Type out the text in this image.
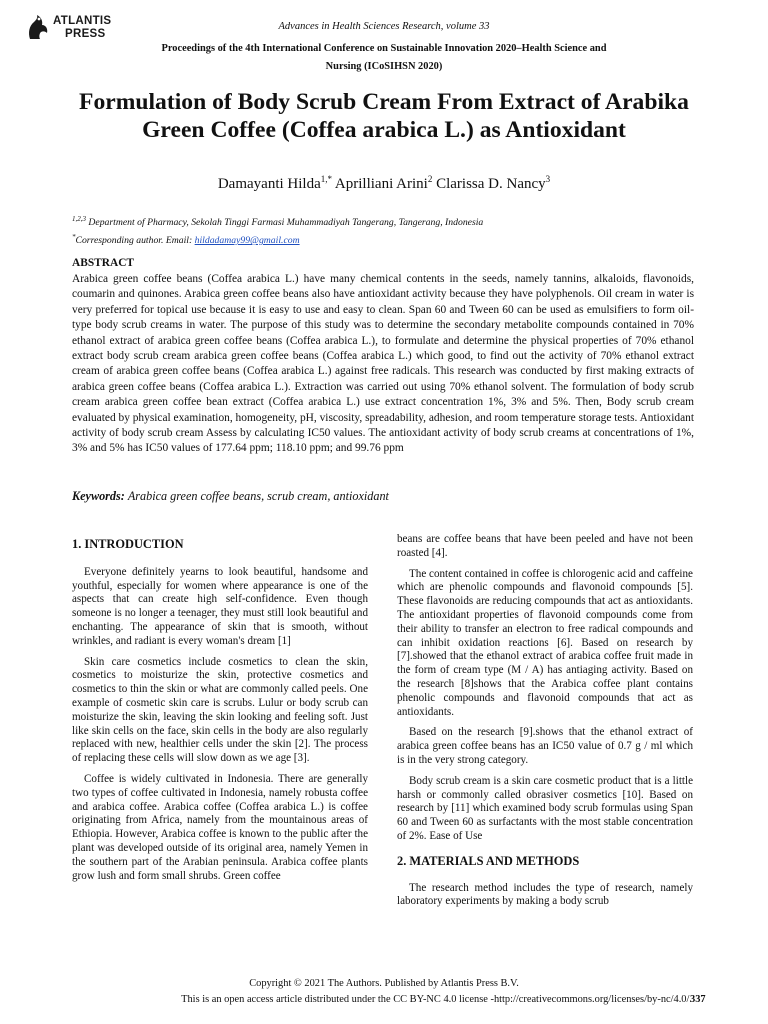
ATLANTIS
PRESS
Advances in Health Sciences Research, volume 33
Proceedings of the 4th International Conference on Sustainable Innovation 2020–Health Science and Nursing (ICoSIHSN 2020)
Formulation of Body Scrub Cream From Extract of Arabika Green Coffee (Coffea arabica L.) as Antioxidant
Damayanti Hilda$^{1,*}$ Aprilliani Arini$^2$ Clarissa D. Nancy$^3$
$^{1,2,3}$ Department of Pharmacy, Sekolah Tinggi Farmasi Muhammadiyah Tangerang, Tangerang, Indonesia
*Corresponding author. Email: hildadamay99@gmail.com
ABSTRACT
Arabica green coffee beans (Coffea arabica L.) have many chemical contents in the seeds, namely tannins, alkaloids, flavonoids, coumarin and quinones. Arabica green coffee beans also have antioxidant activity because they have polyphenols. Oil cream in water is very preferred for topical use because it is easy to use and easy to clean. Span 60 and Tween 60 can be used as emulsifiers to form oil-type body scrub creams in water. The purpose of this study was to determine the secondary metabolite compounds contained in 70% ethanol extract of arabica green coffee beans (Coffea arabica L.), to formulate and determine the physical properties of 70% ethanol extract body scrub cream arabica green coffee beans (Coffea arabica L.) which good, to find out the activity of 70% ethanol extract cream of arabica green coffee beans (Coffea arabica L.) against free radicals. This research was conducted by first making extracts of arabica green coffee beans (Coffea arabica L.). Extraction was carried out using 70% ethanol solvent. The formulation of body scrub cream arabica green coffee bean extract (Coffea arabica L.) use extract concentration 1%, 3% and 5%. Then, Body scrub cream evaluated by physical examination, homogeneity, pH, viscosity, spreadability, adhesion, and room temperature storage tests. Antioxidant activity of body scrub cream Assess by calculating IC50 values. The antioxidant activity of body scrub creams at concentrations of 1%, 3% and 5% has IC50 values of 177.64 ppm; 118.10 ppm; and 99.76 ppm
Keywords: Arabica green coffee beans, scrub cream, antioxidant

1. INTRODUCTION

Everyone definitely yearns to look beautiful, handsome and youthful, especially for women where appearance is one of the aspects that can create high self-confidence. Even though someone is no longer a teenager, they must still look beautiful and enchanting. The appearance of skin that is smooth, without wrinkles, and radiant is every woman's dream [1]

Skin care cosmetics include cosmetics to clean the skin, cosmetics to moisturize the skin, protective cosmetics and cosmetics to thin the skin or what are commonly called peels. One example of cosmetic skin care is scrubs. Lulur or body scrub can moisturize the skin, leaving the skin looking and feeling soft. Just like skin cells on the face, skin cells in the body are also regularly replaced with new, healthier cells under the skin [2]. The process of replacing these cells will slow down as we age [3].

Coffee is widely cultivated in Indonesia. There are generally two types of coffee cultivated in Indonesia, namely robusta coffee and arabica coffee. Arabica coffee (Coffea arabica L.) is coffee originating from Africa, namely from the mountainous areas of Ethiopia. However, Arabica coffee is known to the public after the plant was developed outside of its original area, namely Yemen in the southern part of the Arabian peninsula. Arabica coffee plants grow lush and form small shrubs. Green coffee

beans are coffee beans that have been peeled and have not been roasted [4].

The content contained in coffee is chlorogenic acid and caffeine which are phenolic compounds and flavonoid compounds [5]. These flavonoids are reducing compounds that act as antioxidants. The antioxidant properties of flavonoid compounds come from their ability to transfer an electron to free radical compounds and can inhibit oxidation reactions [6]. Based on research by [7].showed that the ethanol extract of arabica coffee fruit made in the form of cream type (M / A) has antiaging activity. Based on the research [8]shows that the Arabica coffee plant contains phenolic compounds and flavonoid compounds that act as antioxidants.

Based on the research [9].shows that the ethanol extract of arabica green coffee beans has an IC50 value of 0.7 g / ml which is in the very strong category.

Body scrub cream is a skin care cosmetic product that is a little harsh or commonly called obrasiver cosmetics [10]. Based on research by [11] which examined body scrub formulas using Span 60 and Tween 60 as surfactants with the most stable concentration of 2%. Ease of Use

2. MATERIALS AND METHODS

The research method includes the type of research, namely laboratory experiments by making a body scrub

Copyright © 2021 The Authors. Published by Atlantis Press B.V.
This is an open access article distributed under the CC BY-NC 4.0 license -http://creativecommons.org/licenses/by-nc/4.0/.
337
